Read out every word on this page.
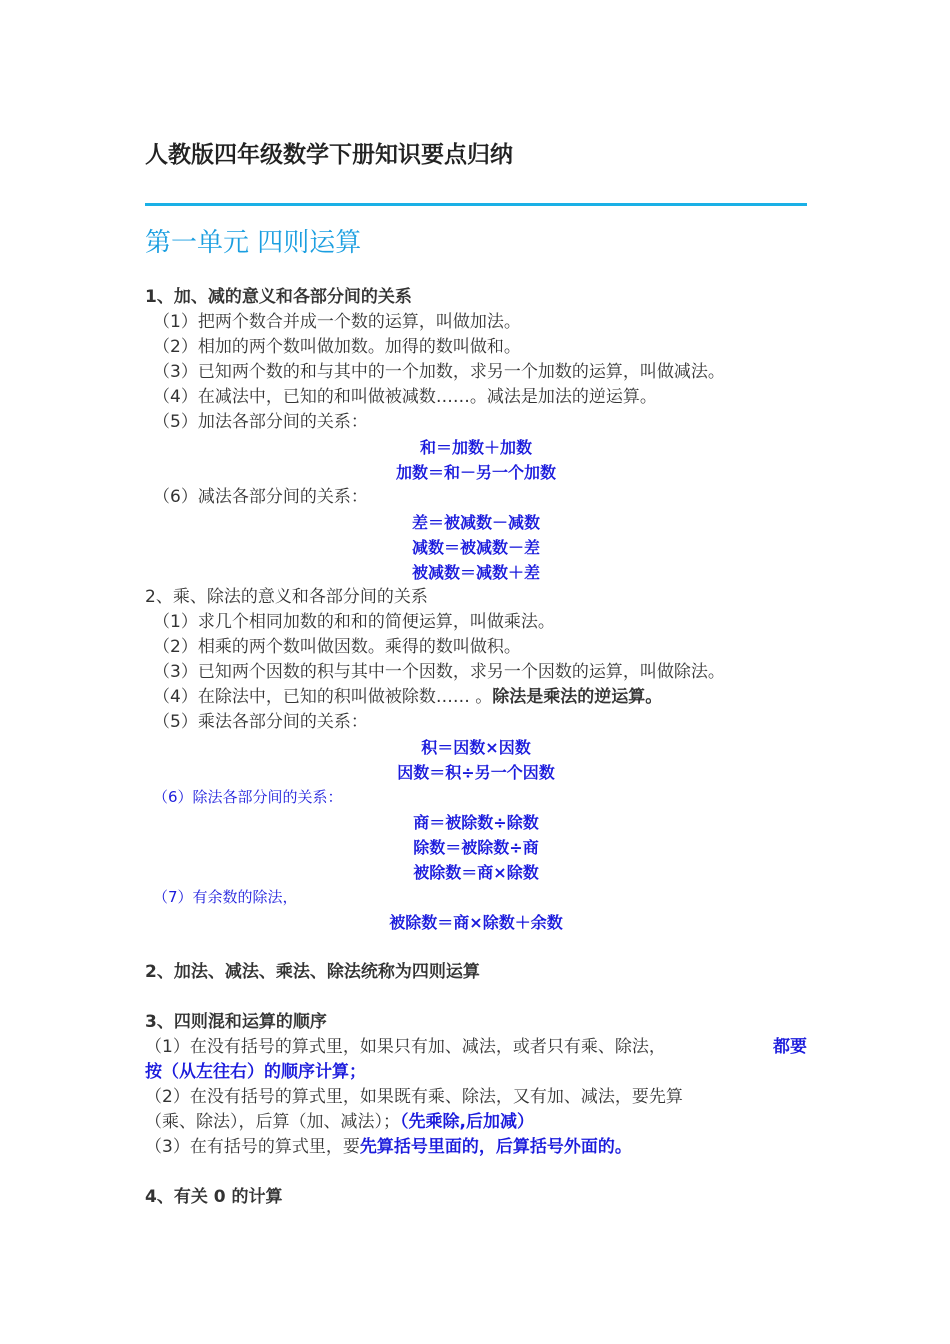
人教版四年级数学下册知识要点归纳
第一单元 四则运算
1、加、减的意义和各部分间的关系
（1）把两个数合并成一个数的运算，叫做加法。
（2）相加的两个数叫做加数。加得的数叫做和。
（3）已知两个数的和与其中的一个加数，求另一个加数的运算，叫做减法。
（4）在减法中，已知的和叫做被减数……。减法是加法的逆运算。
（5）加法各部分间的关系：
和＝加数＋加数
加数＝和－另一个加数
（6）减法各部分间的关系：
差＝被减数－减数
减数＝被减数－差
被减数＝减数＋差
2、乘、除法的意义和各部分间的关系
（1）求几个相同加数的和和的简便运算，叫做乘法。
（2）相乘的两个数叫做因数。乘得的数叫做积。
（3）已知两个因数的积与其中一个因数，求另一个因数的运算，叫做除法。
（4）在除法中，已知的积叫做被除数…… 。除法是乘法的逆运算。
（5）乘法各部分间的关系：
积＝因数×因数
因数＝积÷另一个因数
（6）除法各部分间的关系：
商＝被除数÷除数
除数＝被除数÷商
被除数＝商×除数
（7）有余数的除法，
被除数＝商×除数＋余数
2、加法、减法、乘法、除法统称为四则运算
3、四则混和运算的顺序
（1）在没有括号的算式里，如果只有加、减法，或者只有乘、除法，	都要
按（从左往右）的顺序计算；
（2）在没有括号的算式里，如果既有乘、除法，又有加、减法，要先算
（乘、除法），后算（加、减法）；（先乘除,后加减）
（3）在有括号的算式里，要先算括号里面的，后算括号外面的。
4、有关 0 的计算
